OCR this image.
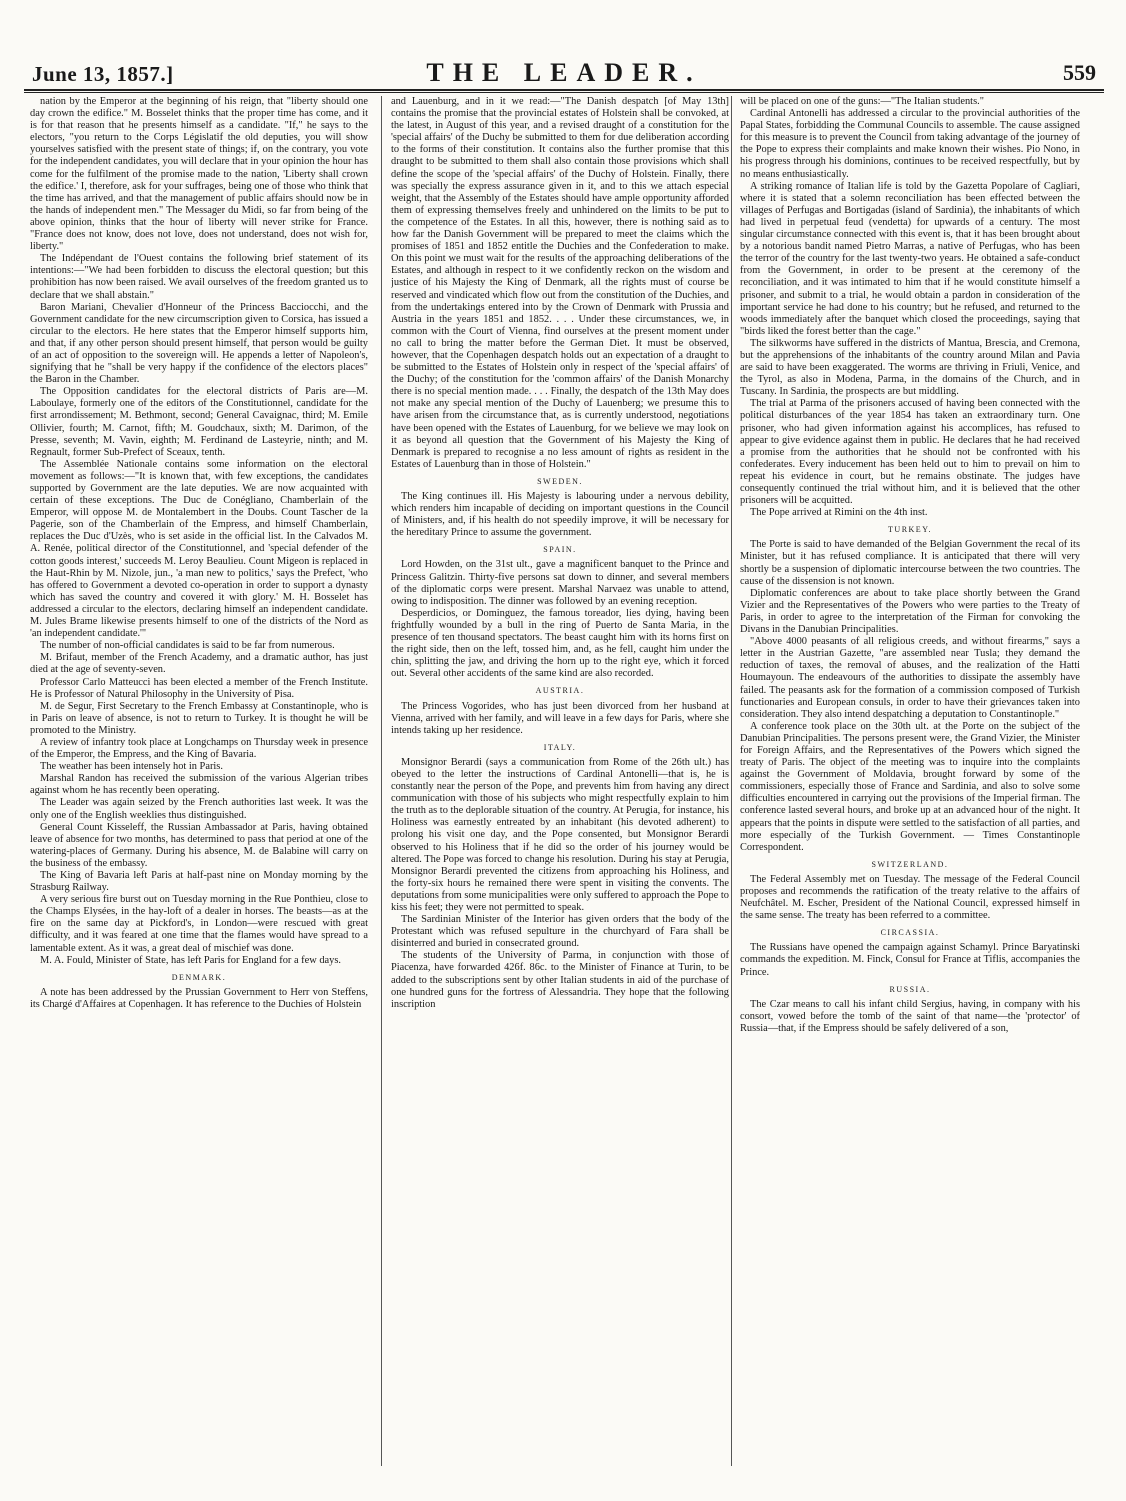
June 13, 1857.]	THE LEADER.	559

nation by the Emperor at the beginning of his reign, that "liberty should one day crown the edifice." M. Bosselet thinks that the proper time has come, and it is for that reason that he presents himself as a candidate. "If," he says to the electors, "you return to the Corps Législatif the old deputies, you will show yourselves satisfied with the present state of things; if, on the contrary, you vote for the independent candidates, you will declare that in your opinion the hour has come for the fulfilment of the promise made to the nation, 'Liberty shall crown the edifice.' I, therefore, ask for your suffrages, being one of those who think that the time has arrived, and that the management of public affairs should now be in the hands of independent men." The Messager du Midi, so far from being of the above opinion, thinks that the hour of liberty will never strike for France. "France does not know, does not love, does not understand, does not wish for, liberty."

The Indépendant de l'Ouest contains the following brief statement of its intentions:—"We had been forbidden to discuss the electoral question; but this prohibition has now been raised. We avail ourselves of the freedom granted us to declare that we shall abstain."

Baron Mariani, Chevalier d'Honneur of the Princess Bacciocchi, and the Government candidate for the new circumscription given to Corsica, has issued a circular to the electors. He here states that the Emperor himself supports him, and that, if any other person should present himself, that person would be guilty of an act of opposition to the sovereign will. He appends a letter of Napoleon's, signifying that he "shall be very happy if the confidence of the electors places" the Baron in the Chamber.

The Opposition candidates for the electoral districts of Paris are—M. Laboulaye, formerly one of the editors of the Constitutionnel, candidate for the first arrondissement; M. Bethmont, second; General Cavaignac, third; M. Emile Ollivier, fourth; M. Carnot, fifth; M. Goudchaux, sixth; M. Darimon, of the Presse, seventh; M. Vavin, eighth; M. Ferdinand de Lasteyrie, ninth; and M. Regnault, former Sub-Prefect of Sceaux, tenth.

The Assemblée Nationale contains some information on the electoral movement as follows:—"It is known that, with few exceptions, the candidates supported by Government are the late deputies. We are now acquainted with certain of these exceptions. The Duc de Conégliano, Chamberlain of the Emperor, will oppose M. de Montalembert in the Doubs. Count Tascher de la Pagerie, son of the Chamberlain of the Empress, and himself Chamberlain, replaces the Duc d'Uzès, who is set aside in the official list. In the Calvados M. A. Renée, political director of the Constitutionnel, and 'special defender of the cotton goods interest,' succeeds M. Leroy Beaulieu. Count Migeon is replaced in the Haut-Rhin by M. Nizole, jun., 'a man new to politics,' says the Prefect, 'who has offered to Government a devoted co-operation in order to support a dynasty which has saved the country and covered it with glory.' M. H. Bosselet has addressed a circular to the electors, declaring himself an independent candidate. M. Jules Brame likewise presents himself to one of the districts of the Nord as 'an independent candidate.'"

The number of non-official candidates is said to be far from numerous.

M. Brifaut, member of the French Academy, and a dramatic author, has just died at the age of seventy-seven.

Professor Carlo Matteucci has been elected a member of the French Institute. He is Professor of Natural Philosophy in the University of Pisa.

M. de Segur, First Secretary to the French Embassy at Constantinople, who is in Paris on leave of absence, is not to return to Turkey. It is thought he will be promoted to the Ministry.

A review of infantry took place at Longchamps on Thursday week in presence of the Emperor, the Empress, and the King of Bavaria.

The weather has been intensely hot in Paris.

Marshal Randon has received the submission of the various Algerian tribes against whom he has recently been operating.

The Leader was again seized by the French authorities last week. It was the only one of the English weeklies thus distinguished.

General Count Kisseleff, the Russian Ambassador at Paris, having obtained leave of absence for two months, has determined to pass that period at one of the watering-places of Germany. During his absence, M. de Balabine will carry on the business of the embassy.

The King of Bavaria left Paris at half-past nine on Monday morning by the Strasburg Railway.

A very serious fire burst out on Tuesday morning in the Rue Ponthieu, close to the Champs Elysées, in the hay-loft of a dealer in horses. The beasts—as at the fire on the same day at Pickford's, in London—were rescued with great difficulty, and it was feared at one time that the flames would have spread to a lamentable extent. As it was, a great deal of mischief was done.

M. A. Fould, Minister of State, has left Paris for England for a few days.

DENMARK.

A note has been addressed by the Prussian Government to Herr von Steffens, its Chargé d'Affaires at Copenhagen. It has reference to the Duchies of Holstein

and Lauenburg, and in it we read:—"The Danish despatch [of May 13th] contains the promise that the provincial estates of Holstein shall be convoked, at the latest, in August of this year, and a revised draught of a constitution for the 'special affairs' of the Duchy be submitted to them for due deliberation according to the forms of their constitution. It contains also the further promise that this draught to be submitted to them shall also contain those provisions which shall define the scope of the 'special affairs' of the Duchy of Holstein. Finally, there was specially the express assurance given in it, and to this we attach especial weight, that the Assembly of the Estates should have ample opportunity afforded them of expressing themselves freely and unhindered on the limits to be put to the competence of the Estates. In all this, however, there is nothing said as to how far the Danish Government will be prepared to meet the claims which the promises of 1851 and 1852 entitle the Duchies and the Confederation to make. On this point we must wait for the results of the approaching deliberations of the Estates, and although in respect to it we confidently reckon on the wisdom and justice of his Majesty the King of Denmark, all the rights must of course be reserved and vindicated which flow out from the constitution of the Duchies, and from the undertakings entered into by the Crown of Denmark with Prussia and Austria in the years 1851 and 1852. . . . Under these circumstances, we, in common with the Court of Vienna, find ourselves at the present moment under no call to bring the matter before the German Diet. It must be observed, however, that the Copenhagen despatch holds out an expectation of a draught to be submitted to the Estates of Holstein only in respect of the 'special affairs' of the Duchy; of the constitution for the 'common affairs' of the Danish Monarchy there is no special mention made. . . . Finally, the despatch of the 13th May does not make any special mention of the Duchy of Lauenberg; we presume this to have arisen from the circumstance that, as is currently understood, negotiations have been opened with the Estates of Lauenburg, for we believe we may look on it as beyond all question that the Government of his Majesty the King of Denmark is prepared to recognise a no less amount of rights as resident in the Estates of Lauenburg than in those of Holstein."

SWEDEN.

The King continues ill. His Majesty is labouring under a nervous debility, which renders him incapable of deciding on important questions in the Council of Ministers, and, if his health do not speedily improve, it will be necessary for the hereditary Prince to assume the government.

SPAIN.

Lord Howden, on the 31st ult., gave a magnificent banquet to the Prince and Princess Galitzin. Thirty-five persons sat down to dinner, and several members of the diplomatic corps were present. Marshal Narvaez was unable to attend, owing to indisposition. The dinner was followed by an evening reception.

Desperdicios, or Dominguez, the famous toreador, lies dying, having been frightfully wounded by a bull in the ring of Puerto de Santa Maria, in the presence of ten thousand spectators. The beast caught him with its horns first on the right side, then on the left, tossed him, and, as he fell, caught him under the chin, splitting the jaw, and driving the horn up to the right eye, which it forced out. Several other accidents of the same kind are also recorded.

AUSTRIA.

The Princess Vogorides, who has just been divorced from her husband at Vienna, arrived with her family, and will leave in a few days for Paris, where she intends taking up her residence.

ITALY.

Monsignor Berardi (says a communication from Rome of the 26th ult.) has obeyed to the letter the instructions of Cardinal Antonelli—that is, he is constantly near the person of the Pope, and prevents him from having any direct communication with those of his subjects who might respectfully explain to him the truth as to the deplorable situation of the country. At Perugia, for instance, his Holiness was earnestly entreated by an inhabitant (his devoted adherent) to prolong his visit one day, and the Pope consented, but Monsignor Berardi observed to his Holiness that if he did so the order of his journey would be altered. The Pope was forced to change his resolution. During his stay at Perugia, Monsignor Berardi prevented the citizens from approaching his Holiness, and the forty-six hours he remained there were spent in visiting the convents. The deputations from some municipalities were only suffered to approach the Pope to kiss his feet; they were not permitted to speak.

The Sardinian Minister of the Interior has given orders that the body of the Protestant which was refused sepulture in the churchyard of Fara shall be disinterred and buried in consecrated ground.

The students of the University of Parma, in conjunction with those of Piacenza, have forwarded 426f. 86c. to the Minister of Finance at Turin, to be added to the subscriptions sent by other Italian students in aid of the purchase of one hundred guns for the fortress of Alessandria. They hope that the following inscription

will be placed on one of the guns:—"The Italian students."

Cardinal Antonelli has addressed a circular to the provincial authorities of the Papal States, forbidding the Communal Councils to assemble. The cause assigned for this measure is to prevent the Council from taking advantage of the journey of the Pope to express their complaints and make known their wishes. Pio Nono, in his progress through his dominions, continues to be received respectfully, but by no means enthusiastically.

A striking romance of Italian life is told by the Gazetta Popolare of Cagliari, where it is stated that a solemn reconciliation has been effected between the villages of Perfugas and Bortigadas (island of Sardinia), the inhabitants of which had lived in perpetual feud (vendetta) for upwards of a century. The most singular circumstance connected with this event is, that it has been brought about by a notorious bandit named Pietro Marras, a native of Perfugas, who has been the terror of the country for the last twenty-two years. He obtained a safe-conduct from the Government, in order to be present at the ceremony of the reconciliation, and it was intimated to him that if he would constitute himself a prisoner, and submit to a trial, he would obtain a pardon in consideration of the important service he had done to his country; but he refused, and returned to the woods immediately after the banquet which closed the proceedings, saying that "birds liked the forest better than the cage."

The silkworms have suffered in the districts of Mantua, Brescia, and Cremona, but the apprehensions of the inhabitants of the country around Milan and Pavia are said to have been exaggerated. The worms are thriving in Friuli, Venice, and the Tyrol, as also in Modena, Parma, in the domains of the Church, and in Tuscany. In Sardinia, the prospects are but middling.

The trial at Parma of the prisoners accused of having been connected with the political disturbances of the year 1854 has taken an extraordinary turn. One prisoner, who had given information against his accomplices, has refused to appear to give evidence against them in public. He declares that he had received a promise from the authorities that he should not be confronted with his confederates. Every inducement has been held out to him to prevail on him to repeat his evidence in court, but he remains obstinate. The judges have consequently continued the trial without him, and it is believed that the other prisoners will be acquitted.

The Pope arrived at Rimini on the 4th inst.

TURKEY.

The Porte is said to have demanded of the Belgian Government the recal of its Minister, but it has refused compliance. It is anticipated that there will very shortly be a suspension of diplomatic intercourse between the two countries. The cause of the dissension is not known.

Diplomatic conferences are about to take place shortly between the Grand Vizier and the Representatives of the Powers who were parties to the Treaty of Paris, in order to agree to the interpretation of the Firman for convoking the Divans in the Danubian Principalities.

"Above 4000 peasants of all religious creeds, and without firearms," says a letter in the Austrian Gazette, "are assembled near Tusla; they demand the reduction of taxes, the removal of abuses, and the realization of the Hatti Houmayoun. The endeavours of the authorities to dissipate the assembly have failed. The peasants ask for the formation of a commission composed of Turkish functionaries and European consuls, in order to have their grievances taken into consideration. They also intend despatching a deputation to Constantinople."

A conference took place on the 30th ult. at the Porte on the subject of the Danubian Principalities. The persons present were, the Grand Vizier, the Minister for Foreign Affairs, and the Representatives of the Powers which signed the treaty of Paris. The object of the meeting was to inquire into the complaints against the Government of Moldavia, brought forward by some of the commissioners, especially those of France and Sardinia, and also to solve some difficulties encountered in carrying out the provisions of the Imperial firman. The conference lasted several hours, and broke up at an advanced hour of the night. It appears that the points in dispute were settled to the satisfaction of all parties, and more especially of the Turkish Government. — Times Constantinople Correspondent.

SWITZERLAND.

The Federal Assembly met on Tuesday. The message of the Federal Council proposes and recommends the ratification of the treaty relative to the affairs of Neufchâtel. M. Escher, President of the National Council, expressed himself in the same sense. The treaty has been referred to a committee.

CIRCASSIA.

The Russians have opened the campaign against Schamyl. Prince Baryatinski commands the expedition. M. Finck, Consul for France at Tiflis, accompanies the Prince.

RUSSIA.

The Czar means to call his infant child Sergius, having, in company with his consort, vowed before the tomb of the saint of that name—the 'protector' of Russia—that, if the Empress should be safely delivered of a son,
